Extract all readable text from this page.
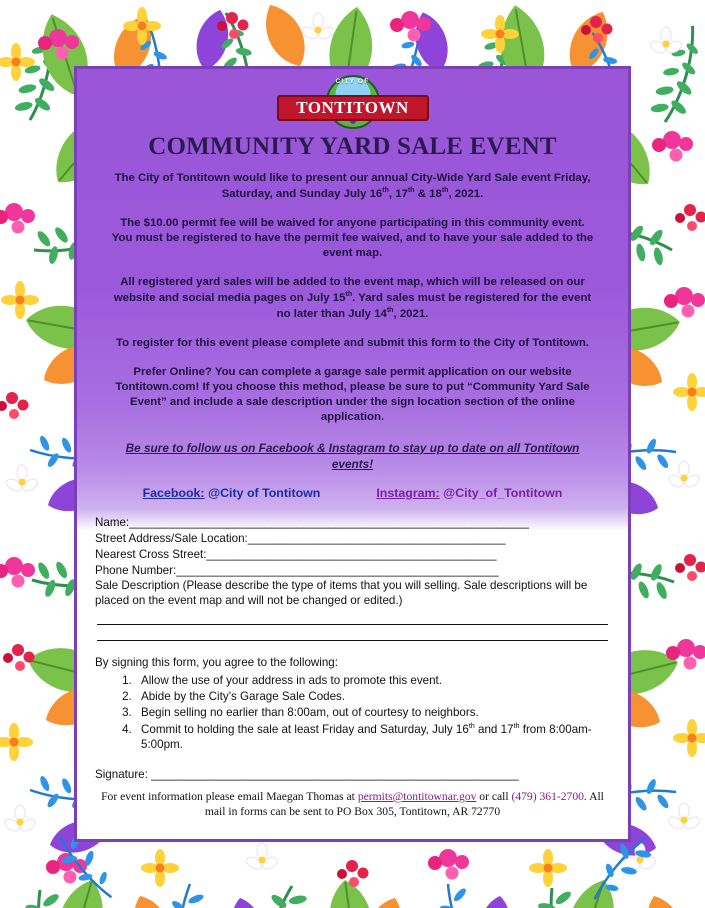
CITY OF
TONTITOWN
COMMUNITY YARD SALE EVENT

The City of Tontitown would like to present our annual City-Wide Yard Sale event Friday, Saturday, and Sunday July 16th, 17th & 18th, 2021.

The $10.00 permit fee will be waived for anyone participating in this community event. You must be registered to have the permit fee waived, and to have your sale added to the event map.

All registered yard sales will be added to the event map, which will be released on our website and social media pages on July 15th. Yard sales must be registered for the event no later than July 14th, 2021.

To register for this event please complete and submit this form to the City of Tontitown.

Prefer Online? You can complete a garage sale permit application on our website Tontitown.com! If you choose this method, please be sure to put “Community Yard Sale Event” and include a sale description under the sign location section of the online application.

Be sure to follow us on Facebook & Instagram to stay up to date on all Tontitown events!

Facebook: @City of Tontitown	Instagram: @City_of_Tontitown
Name:______________________________________________________________
Street Address/Sale Location:________________________________________
Nearest Cross Street:_____________________________________________
Phone Number:__________________________________________________
Sale Description (Please describe the type of items that you will selling. Sale descriptions will be placed on the event map and will not be changed or edited.)
By signing this form, you agree to the following:
1. Allow the use of your address in ads to promote this event.
2. Abide by the City’s Garage Sale Codes.
3. Begin selling no earlier than 8:00am, out of courtesy to neighbors.
4. Commit to holding the sale at least Friday and Saturday, July 16th and 17th from 8:00am-5:00pm.
Signature: _________________________________________________________
For event information please email Maegan Thomas at permits@tontitownar.gov or call (479) 361-2700. All mail in forms can be sent to PO Box 305, Tontitown, AR 72770
